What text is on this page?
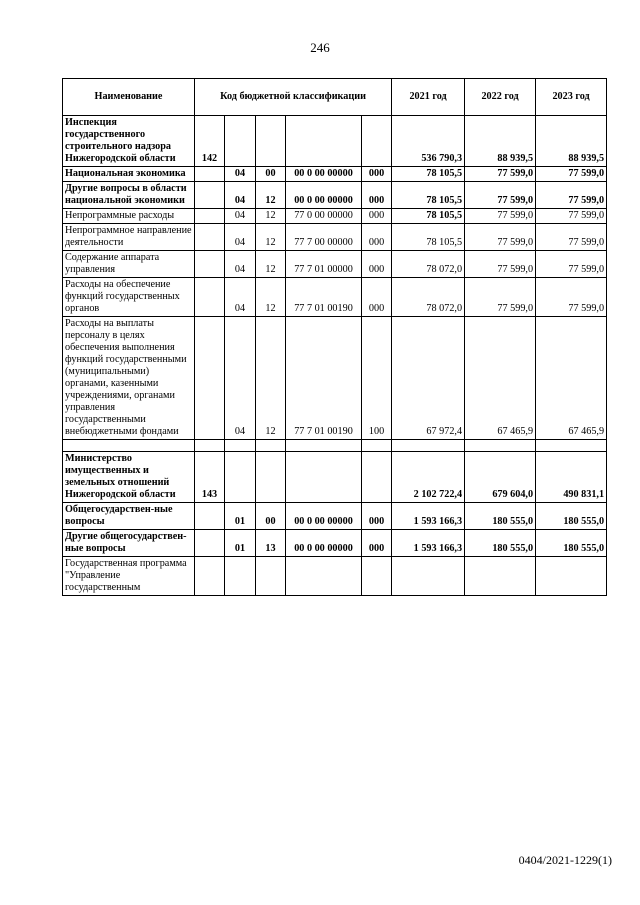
246
Наименование	Код бюджетной классификации					2021 год	2022 год	2023 год
Инспекция государственного строительного надзора Нижегородской области	142					536 790,3	88 939,5	88 939,5
Национальная экономика		04	00	00 0 00 00000	000	78 105,5	77 599,0	77 599,0
Другие вопросы в области национальной экономики		04	12	00 0 00 00000	000	78 105,5	77 599,0	77 599,0
Непрограммные расходы		04	12	77 0 00 00000	000	78 105,5	77 599,0	77 599,0
Непрограммное направление деятельности		04	12	77 7 00 00000	000	78 105,5	77 599,0	77 599,0
Содержание аппарата управления		04	12	77 7 01 00000	000	78 072,0	77 599,0	77 599,0
Расходы на обеспечение функций государственных органов		04	12	77 7 01 00190	000	78 072,0	77 599,0	77 599,0
Расходы на выплаты персоналу в целях обеспечения выполнения функций государственными (муниципальными) органами, казенными учреждениями, органами управления государственными внебюджетными фондами		04	12	77 7 01 00190	100	67 972,4	67 465,9	67 465,9

Министерство имущественных и земельных отношений Нижегородской области	143					2 102 722,4	679 604,0	490 831,1
Общегосударствен-ные вопросы		01	00	00 0 00 00000	000	1 593 166,3	180 555,0	180 555,0
Другие общегосударствен-ные вопросы		01	13	00 0 00 00000	000	1 593 166,3	180 555,0	180 555,0
Государственная программа "Управление государственным								
0404/2021-1229(1)
